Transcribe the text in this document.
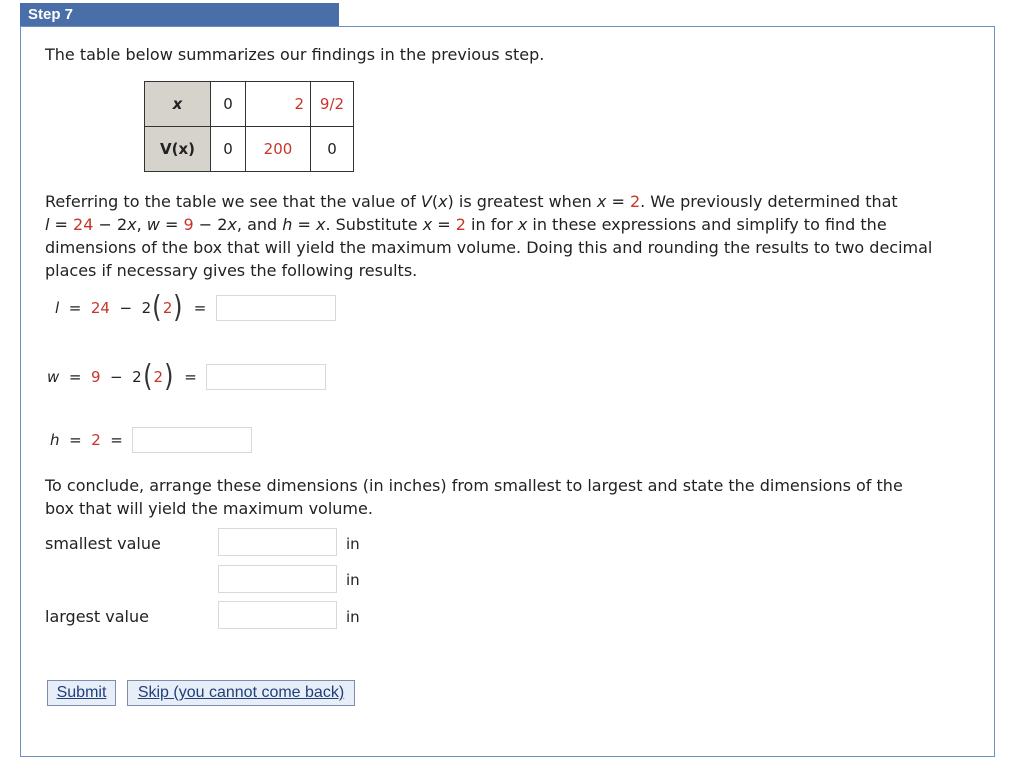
Step 7

The table below summarizes our findings in the previous step.

x	0	2	9/2
V(x)	0	200	0

Referring to the table we see that the value of V(x) is greatest when x = 2. We previously determined that

l = 24 − 2x, w = 9 − 2x, and h = x. Substitute x = 2 in for x in these expressions and simplify to find the

dimensions of the box that will yield the maximum volume. Doing this and rounding the results to two decimal

places if necessary gives the following results.

l
=
24
−
2 ( 2 )
=

w
=
9
−
2 ( 2 )
=

h
=
2
=

To conclude, arrange these dimensions (in inches) from smallest to largest and state the dimensions of the

box that will yield the maximum volume.

smallest value	in
in
largest value	in
Submit	Skip (you cannot come back)
